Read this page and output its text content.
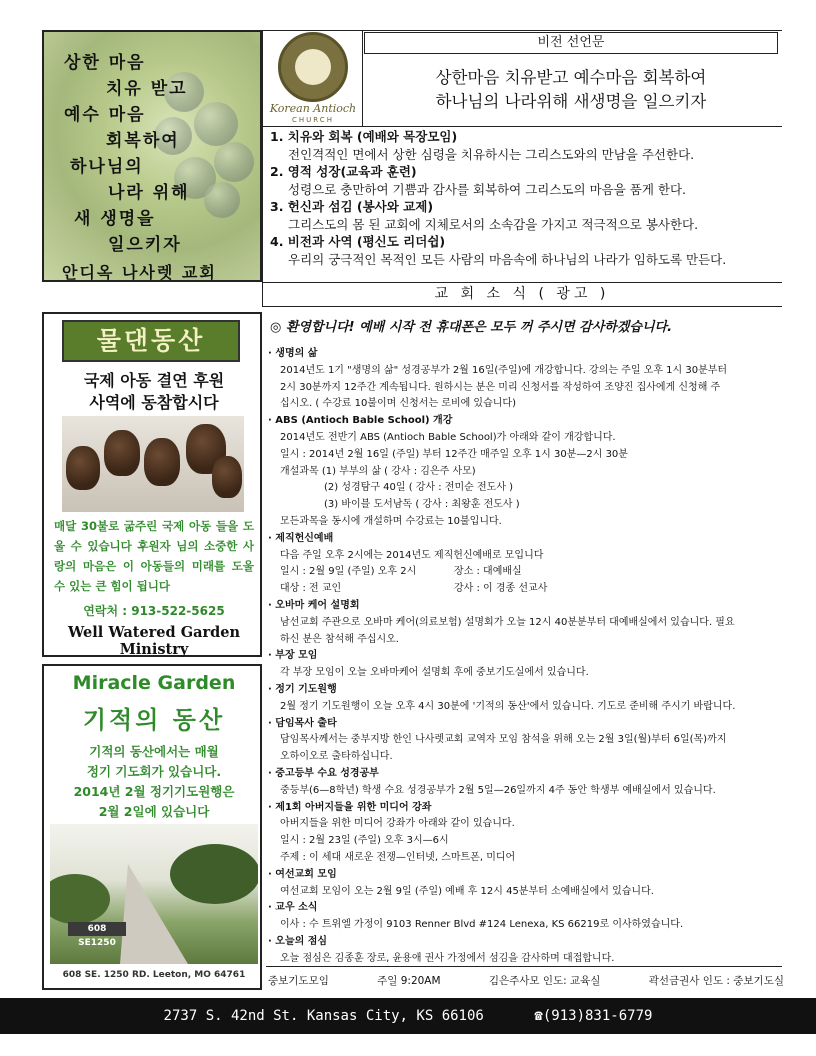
상한 마음
치유 받고
예수 마음
회복하여
하나님의
나라 위해
새 생명을
일으키자
안디옥 나사렛 교회
Korean Antioch
CHURCH
비전 선언문
상한마음 치유받고 예수마음 회복하여
하나님의 나라위해 새생명을 일으키자
1. 치유와 회복 (예배와 목장모임)
전인격적인 면에서 상한 심령을 치유하시는 그리스도와의 만남을 주선한다.
2. 영적 성장(교육과 훈련)
성령으로 충만하여 기쁨과 감사를 회복하여 그리스도의 마음을 품게 한다.
3. 헌신과 섬김 (봉사와 교제)
그리스도의 몸 된 교회에 지체로서의 소속감을 가지고 적극적으로 봉사한다.
4. 비전과 사역 (평신도 리더쉽)
우리의 궁극적인 목적인 모든 사람의 마음속에 하나님의 나라가 임하도록 만든다.
교 회 소 식 ( 광고 )
◎ 환영합니다! 예배 시작 전 휴대폰은 모두 꺼 주시면 감사하겠습니다.
· 생명의 삶
2014년도 1기 "생명의 삶" 성경공부가 2월 16일(주일)에 개강합니다. 강의는 주일 오후 1시 30분부터
2시 30분까지 12주간 계속됩니다. 원하시는 분은 미리 신청서를 작성하여 조양진 집사에게 신청해 주
십시오. ( 수강료 10불이며 신청서는 로비에 있습니다)
· ABS (Antioch Bable School) 개강
2014년도 전반기 ABS (Antioch Bable School)가 아래와 같이 개강합니다.
일시 : 2014년 2월 16일 (주일) 부터 12주간 매주일 오후 1시 30분—2시 30분
개설과목 (1) 부부의 삶 ( 강사 : 김은주 사모)
(2) 성경탐구 40일 ( 강사 : 전미순 전도사 )
(3) 바이블 도서남독 ( 강사 : 최왕훈 전도사 )
모든과목을 동시에 개설하며 수강료는 10불입니다.
· 제직헌신예배
다음 주일 오후 2시에는 2014년도 제직헌신예배로 모입니다
일시 : 2월 9일 (주일) 오후 2시	장소 : 대예배실
대상 : 전 교인	강사 : 이 경종 선교사
· 오바마 케어 설명회
남선교회 주관으로 오바마 케어(의료보험) 설명회가 오늘 12시 40분분부터 대예배실에서 있습니다. 필요
하신 분은 참석해 주십시오.
· 부장 모임
각 부장 모임이 오늘 오바마케어 설명회 후에 중보기도실에서 있습니다.
· 정기 기도원행
2월 정기 기도원행이 오늘 오후 4시 30분에 '기적의 동산'에서 있습니다. 기도로 준비해 주시기 바랍니다.
· 담임목사 출타
담임목사께서는 중부지방 한인 나사렛교회 교역자 모임 참석을 위해 오는 2월 3일(월)부터 6일(목)까지
오하이오로 출타하십니다.
· 중고등부 수요 성경공부
중등부(6—8학년) 학생 수요 성경공부가 2월 5일—26일까지 4주 동안 학생부 예배실에서 있습니다.
· 제1회 아버지들을 위한 미디어 강좌
아버지들을 위한 미디어 강좌가 아래와 같이 있습니다.
일시 : 2월 23일 (주일) 오후 3시—6시
주제 : 이 세대 새로운 전쟁—인터넷, 스마트폰, 미디어
· 여선교회 모임
여선교회 모임이 오는 2월 9일 (주일) 예배 후 12시 45분부터 소예배실에서 있습니다.
· 교우 소식
이사 : 수 트위엘 가정이 9103 Renner Blvd #124 Lenexa, KS 66219로 이사하였습니다.
· 오늘의 점심
오늘 점심은 김종훈 장로, 윤용애 권사 가정에서 섬김을 감사하며 대접합니다.
중보기도모임	주일 9:20AM	김은주사모 인도: 교육실	곽선금권사 인도 : 중보기도실
물댄동산
국제 아동 결연 후원
사역에 동참합시다
매달 30불로 굶주린 국제 아동 들을 도울 수 있습니다 후원자 님의 소중한 사랑의 마음은 이 아동들의 미래를 도울 수 있는 큰 힘이 됩니다
연락처 : 913-522-5625
Well Watered Garden Ministry
Miracle Garden
기적의 동산
기적의 동산에서는 매월
정기 기도회가 있습니다.
2014년 2월 정기기도원행은
2월 2일에 있습니다
608 SE1250
608 SE. 1250 RD. Leeton, MO 64761
2737 S. 42nd St. Kansas City, KS 66106	☎(913)831-6779
